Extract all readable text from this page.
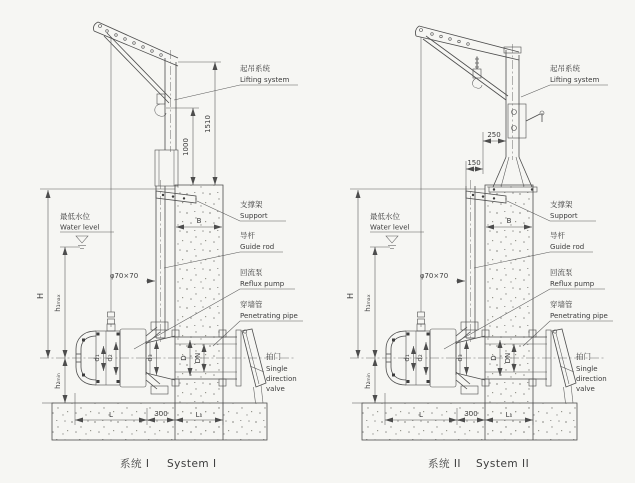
最低水位
Water level
H h₁ₘₐₓ
h₂ₘᵢₙ
φ70×70
B
d₁ d₂	d₃	D DN
L	300	L₁
1510
1000
起吊系统
Lifting system
支撑架
Support
导杆
Guide rod
回流泵
Reflux pump
穿墙管
Penetrating pipe
拍门
Single
direction
valve
系统 I System I
最低水位
Water level
H h₁ₘₐₓ
h₂ₘᵢₙ
φ70×70
B
d₁ d₂	d₃	D DN
L	300	L₁
250
150
起吊系统
Lifting system
支撑架
Support
导杆
Guide rod
回流泵
Reflux pump
穿墙管
Penetrating pipe
拍门
Single
direction
valve
系统 II System II
